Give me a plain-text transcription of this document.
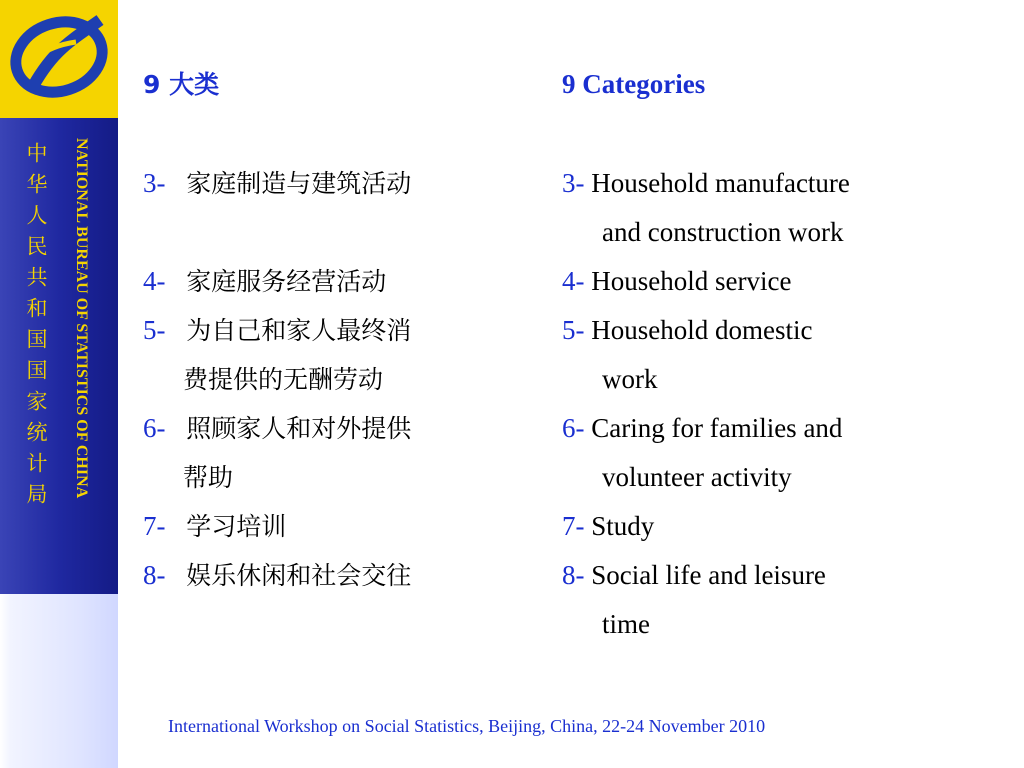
中华人民共和国国家统计局	NATIONAL BUREAU OF STATISTICS OF CHINA
9 大类
3- 家庭制造与建筑活动
4- 家庭服务经营活动
5- 为自己和家人最终消
费提供的无酬劳动
6- 照顾家人和对外提供
帮助
7- 学习培训
8- 娱乐休闲和社会交往
9 Categories
3- Household manufacture
and construction work
4- Household service
5- Household domestic
work
6- Caring for families and
volunteer activity
7- Study
8- Social life and leisure
time
International Workshop on Social Statistics, Beijing, China, 22-24 November 2010
